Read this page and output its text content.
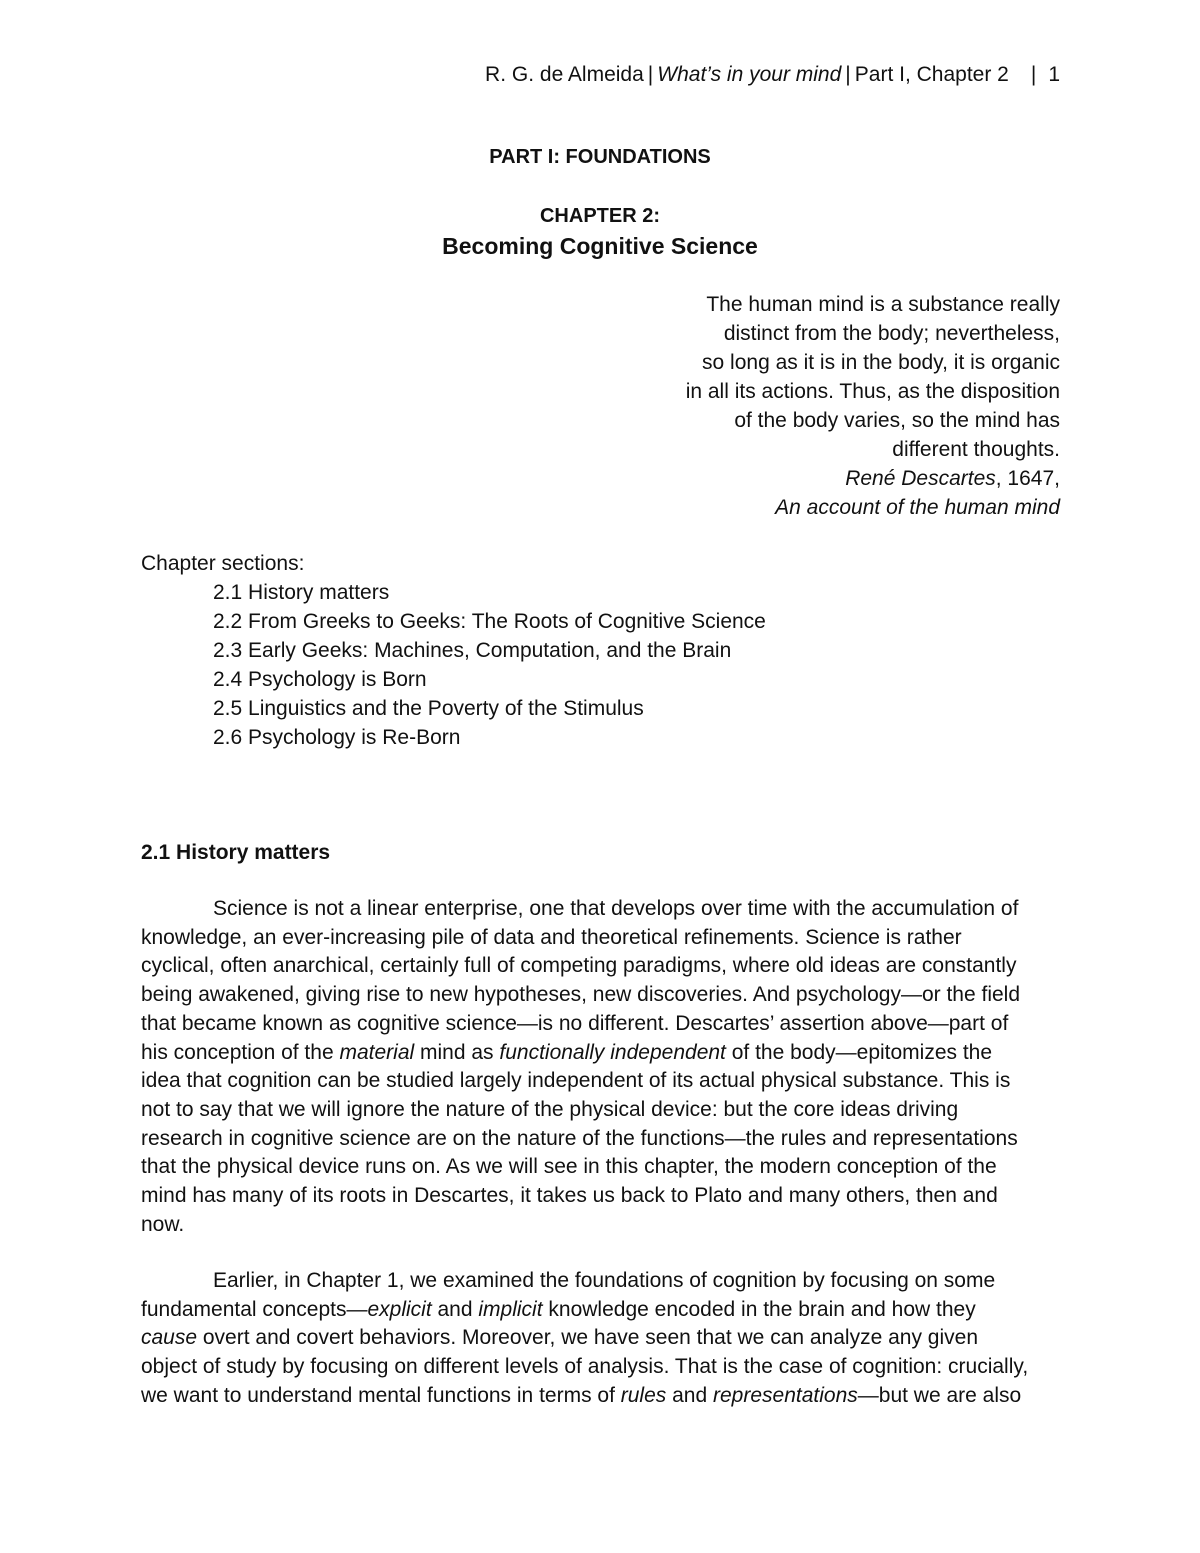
R. G. de Almeida | What’s in your mind | Part I, Chapter 2 | 1
PART I: FOUNDATIONS
CHAPTER 2:
Becoming Cognitive Science
The human mind is a substance really
distinct from the body; nevertheless,
so long as it is in the body, it is organic
in all its actions. Thus, as the disposition
of the body varies, so the mind has
different thoughts.
René Descartes, 1647,
An account of the human mind
Chapter sections:
2.1 History matters
2.2 From Greeks to Geeks: The Roots of Cognitive Science
2.3 Early Geeks: Machines, Computation, and the Brain
2.4 Psychology is Born
2.5 Linguistics and the Poverty of the Stimulus
2.6 Psychology is Re-Born
2.1 History matters
Science is not a linear enterprise, one that develops over time with the accumulation of
knowledge, an ever-increasing pile of data and theoretical refinements. Science is rather
cyclical, often anarchical, certainly full of competing paradigms, where old ideas are constantly
being awakened, giving rise to new hypotheses, new discoveries. And psychology—or the field
that became known as cognitive science—is no different. Descartes’ assertion above—part of
his conception of the material mind as functionally independent of the body—epitomizes the
idea that cognition can be studied largely independent of its actual physical substance. This is
not to say that we will ignore the nature of the physical device: but the core ideas driving
research in cognitive science are on the nature of the functions—the rules and representations
that the physical device runs on. As we will see in this chapter, the modern conception of the
mind has many of its roots in Descartes, it takes us back to Plato and many others, then and
now.
Earlier, in Chapter 1, we examined the foundations of cognition by focusing on some
fundamental concepts—explicit and implicit knowledge encoded in the brain and how they
cause overt and covert behaviors. Moreover, we have seen that we can analyze any given
object of study by focusing on different levels of analysis. That is the case of cognition: crucially,
we want to understand mental functions in terms of rules and representations—but we are also
